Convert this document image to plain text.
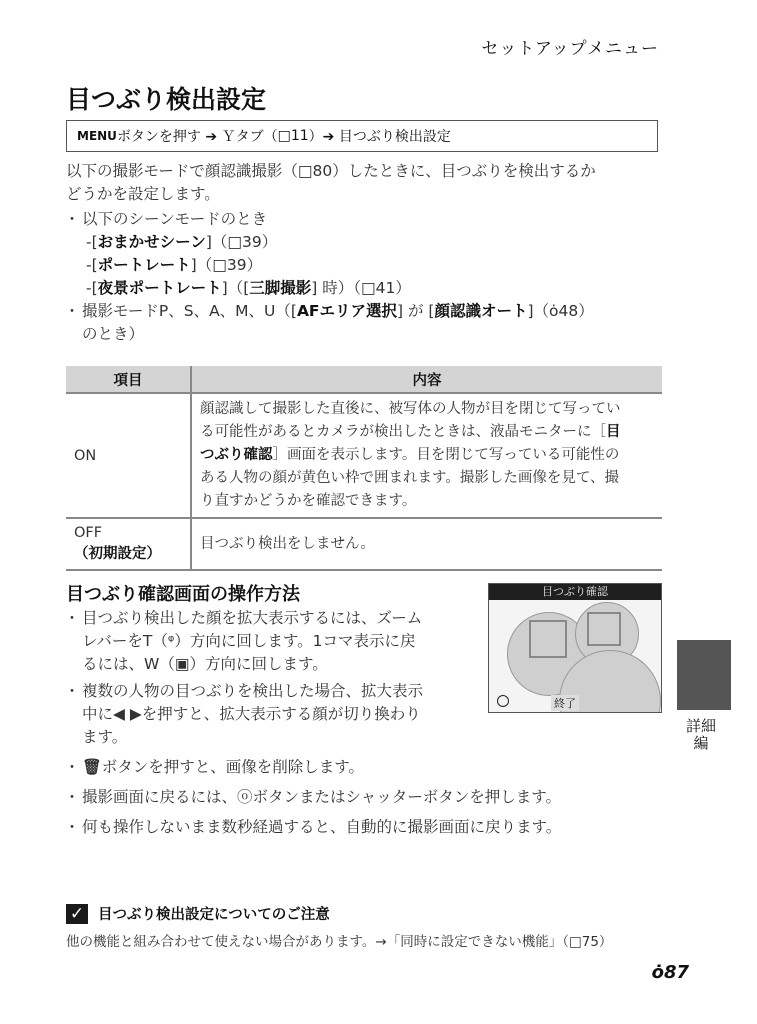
セットアップメニュー
目つぶり検出設定
MENU ボタンを押す ➔ Ｙタブ（ □ 11 ）➔ 目つぶり検出設定
以下の撮影モードで顔認識撮影（□80）したときに、目つぶりを検出するか
どうかを設定します。
・ 以下のシーンモードのとき
-[おまかせシーン]（□39）
-[ポートレート]（□39）
-[夜景ポートレート]（[三脚撮影] 時）（□41）
・ 撮影モードP、S、A、M、U（[AFエリア選択] が [顔認識オート]（ȯ48）
のとき）
項目	内容
ON	顔認識して撮影した直後に、被写体の人物が目を閉じて写ってい
る可能性があるとカメラが検出したときは、液晶モニターに［目
つぶり確認］画面を表示します。目を閉じて写っている可能性の
ある人物の顔が黄色い枠で囲まれます。撮影した画像を見て、撮
り直すかどうかを確認できます。

OFF
（初期設定）	目つぶり検出をしません。
目つぶり確認画面の操作方法
・ 目つぶり検出した顔を拡大表示するには、ズーム
レバーをT（ᵠ）方向に回します。1コマ表示に戻
るには、W（▣）方向に回します。
・ 複数の人物の目つぶりを検出した場合、拡大表示
中に◀ ▶を押すと、拡大表示する顔が切り換わり
ます。
・ 🗑ボタンを押すと、画像を削除します。
・ 撮影画面に戻るには、ⓞボタンまたはシャッターボタンを押します。
・ 何も操作しないまま数秒経過すると、自動的に撮影画面に戻ります。
目つぶり確認
終了
詳細編
✓ 目つぶり検出設定についてのご注意
他の機能と組み合わせて使えない場合があります。→「同時に設定できない機能」（□75）
ȯ87
